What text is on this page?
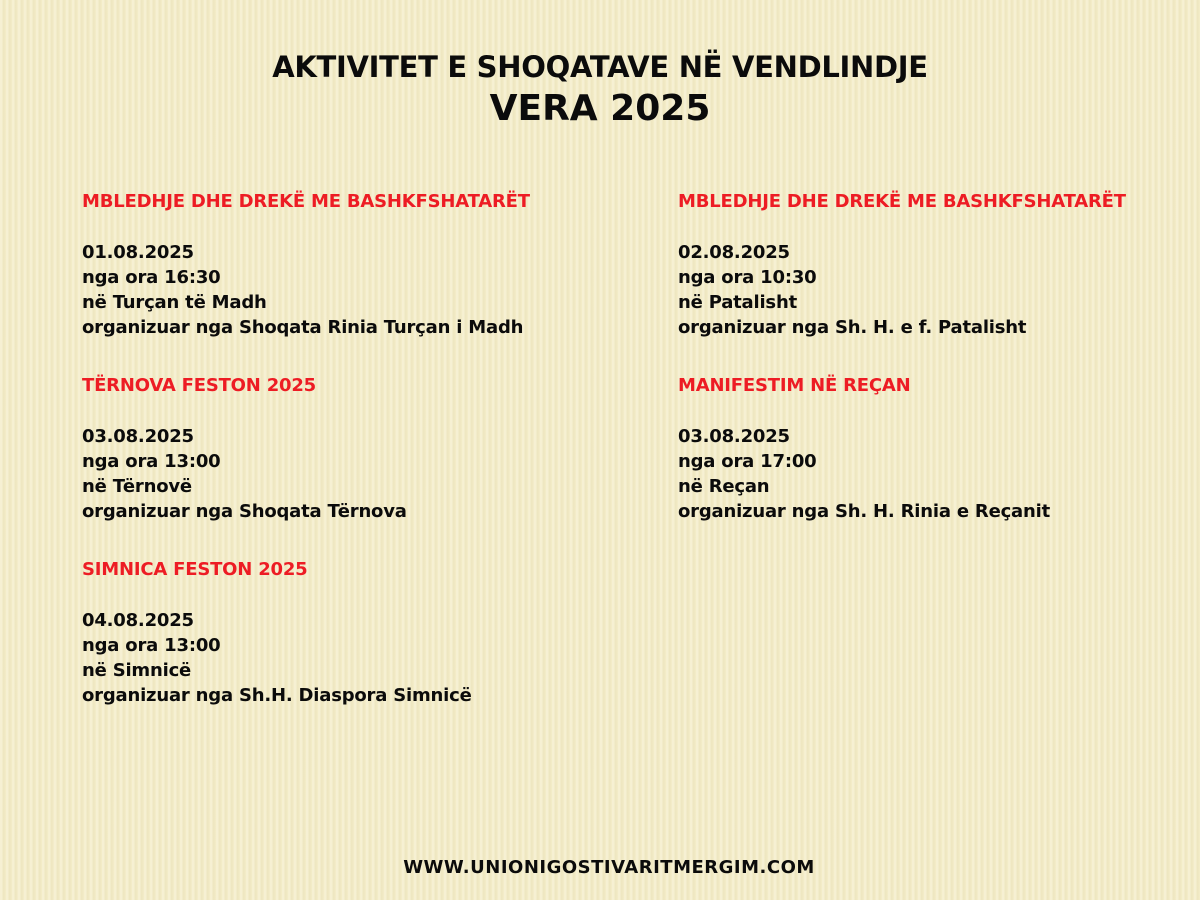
AKTIVITET E SHOQATAVE NË VENDLINDJE
VERA 2025
MBLEDHJE DHE DREKË ME BASHKFSHATARËT
01.08.2025
nga ora 16:30
në Turçan të Madh
organizuar nga Shoqata Rinia Turçan i Madh
TËRNOVA FESTON 2025
03.08.2025
nga ora 13:00
në Tërnovë
organizuar nga Shoqata Tërnova
SIMNICA FESTON 2025
04.08.2025
nga ora 13:00
në Simnicë
organizuar nga Sh.H. Diaspora Simnicë
MBLEDHJE DHE DREKË ME BASHKFSHATARËT
02.08.2025
nga ora 10:30
në Patalisht
organizuar nga Sh. H. e f. Patalisht
MANIFESTIM NË REÇAN
03.08.2025
nga ora 17:00
në Reçan
organizuar nga Sh. H. Rinia e Reçanit
WWW.UNIONIGOSTIVARITMERGIM.COM
